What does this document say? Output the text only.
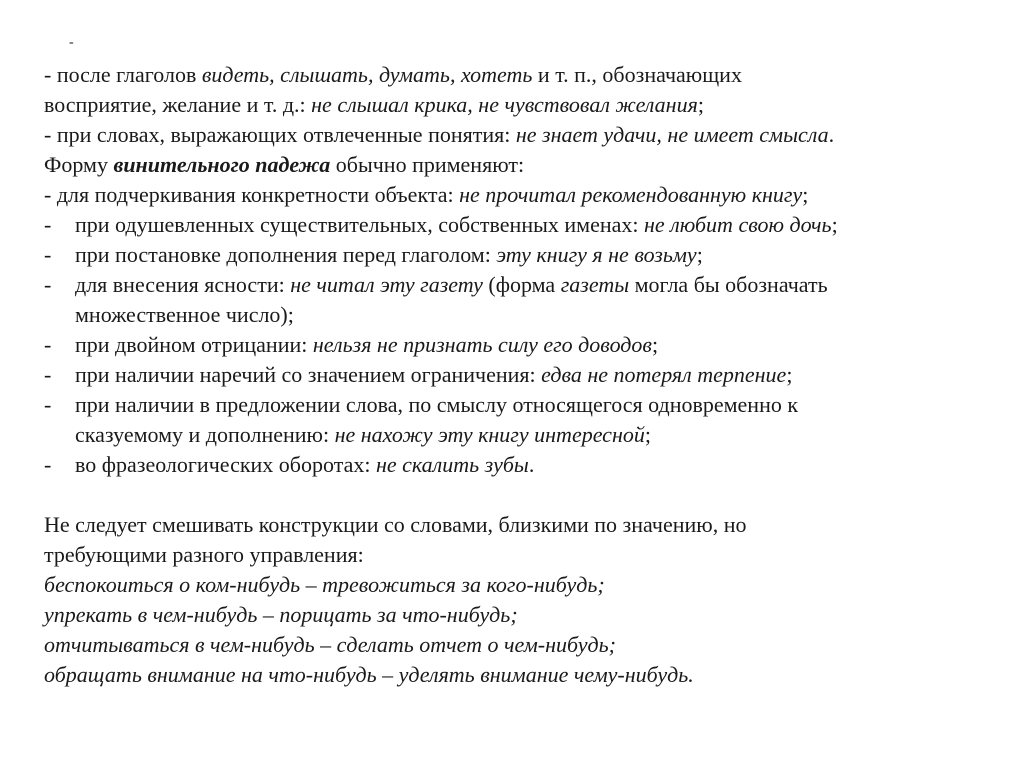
-
- после глаголов видеть, слышать, думать, хотеть и т. п., обозначающих
восприятие, желание и т. д.: не слышал крика, не чувствовал желания;
- при словах, выражающих отвлеченные понятия: не знает удачи, не имеет смысла.
Форму винительного падежа обычно применяют:
- для подчеркивания конкретности объекта: не прочитал рекомендованную книгу;
- при одушевленных существительных, собственных именах: не любит свою дочь;
- при постановке дополнения перед глаголом: эту книгу я не возьму;
- для внесения ясности: не читал эту газету (форма газеты могла бы обозначать
множественное число);
- при двойном отрицании: нельзя не признать силу его доводов;
- при наличии наречий со значением ограничения: едва не потерял терпение;
- при наличии в предложении слова, по смыслу относящегося одновременно к
сказуемому и дополнению: не нахожу эту книгу интересной;
- во фразеологических оборотах: не скалить зубы.
Не следует смешивать конструкции со словами, близкими по значению, но
требующими разного управления:
беспокоиться о ком-нибудь – тревожиться за кого-нибудь;
упрекать в чем-нибудь – порицать за что-нибудь;
отчитываться в чем-нибудь – сделать отчет о чем-нибудь;
обращать внимание на что-нибудь – уделять внимание чему-нибудь.
